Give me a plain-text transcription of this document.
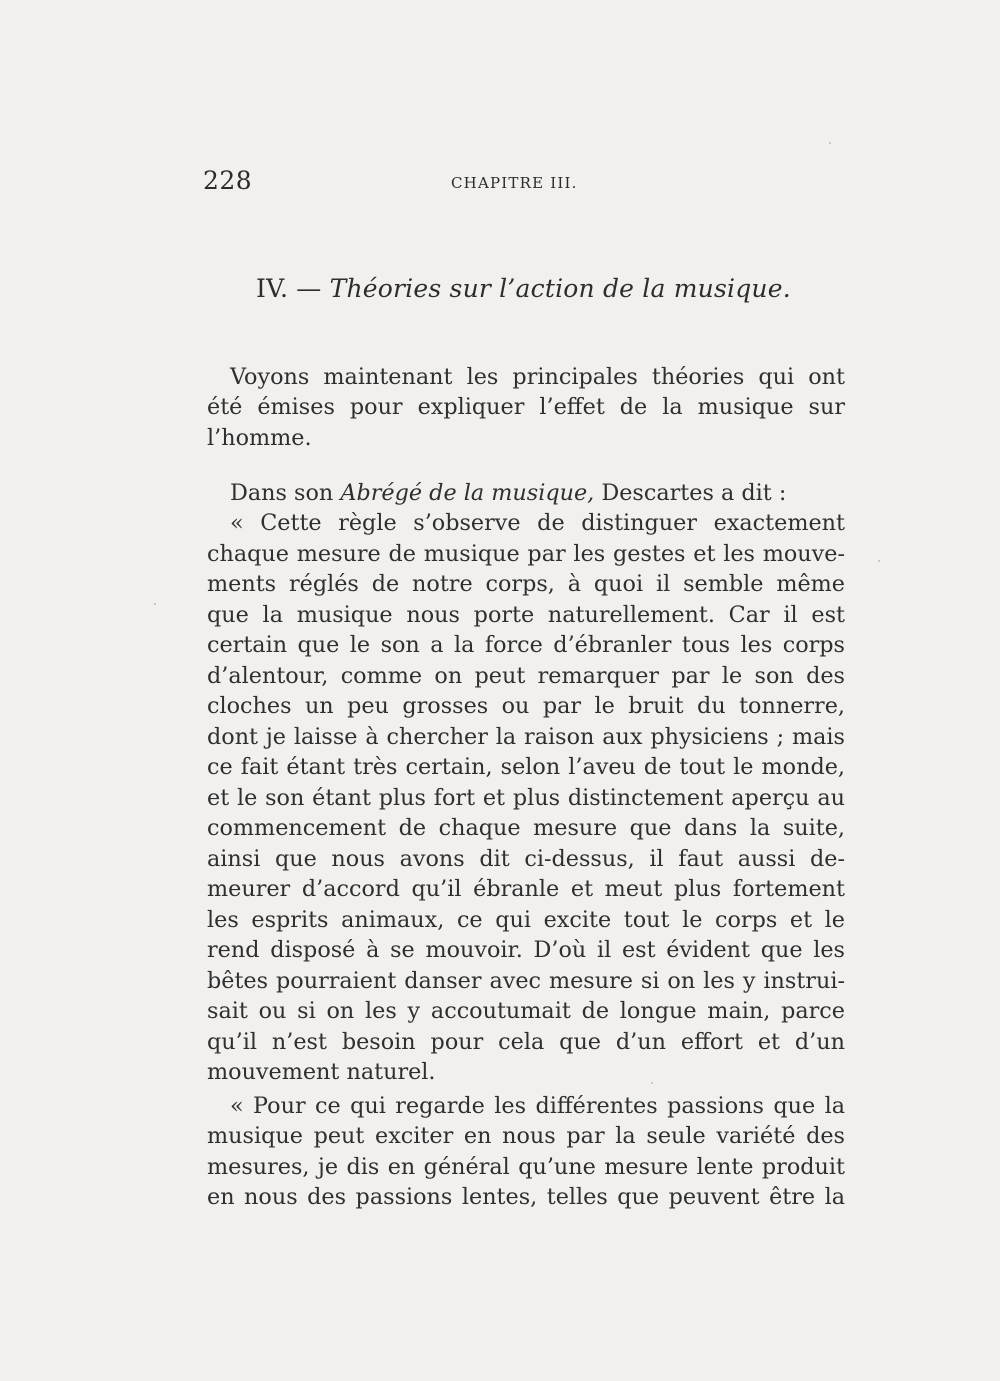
228	CHAPITRE III.
IV. — Théories sur l’action de la musique.
Voyons maintenant les principales théories qui ont
été émises pour expliquer l’effet de la musique sur
l’homme.
Dans son Abrégé de la musique, Descartes a dit :
« Cette règle s’observe de distinguer exactement
chaque mesure de musique par les gestes et les mouve-
ments réglés de notre corps, à quoi il semble même
que la musique nous porte naturellement. Car il est
certain que le son a la force d’ébranler tous les corps
d’alentour, comme on peut remarquer par le son des
cloches un peu grosses ou par le bruit du tonnerre,
dont je laisse à chercher la raison aux physiciens ; mais
ce fait étant très certain, selon l’aveu de tout le monde,
et le son étant plus fort et plus distinctement aperçu au
commencement de chaque mesure que dans la suite,
ainsi que nous avons dit ci-dessus, il faut aussi de-
meurer d’accord qu’il ébranle et meut plus fortement
les esprits animaux, ce qui excite tout le corps et le
rend disposé à se mouvoir. D’où il est évident que les
bêtes pourraient danser avec mesure si on les y instrui-
sait ou si on les y accoutumait de longue main, parce
qu’il n’est besoin pour cela que d’un effort et d’un
mouvement naturel.
« Pour ce qui regarde les différentes passions que la
musique peut exciter en nous par la seule variété des
mesures, je dis en général qu’une mesure lente produit
en nous des passions lentes, telles que peuvent être la
